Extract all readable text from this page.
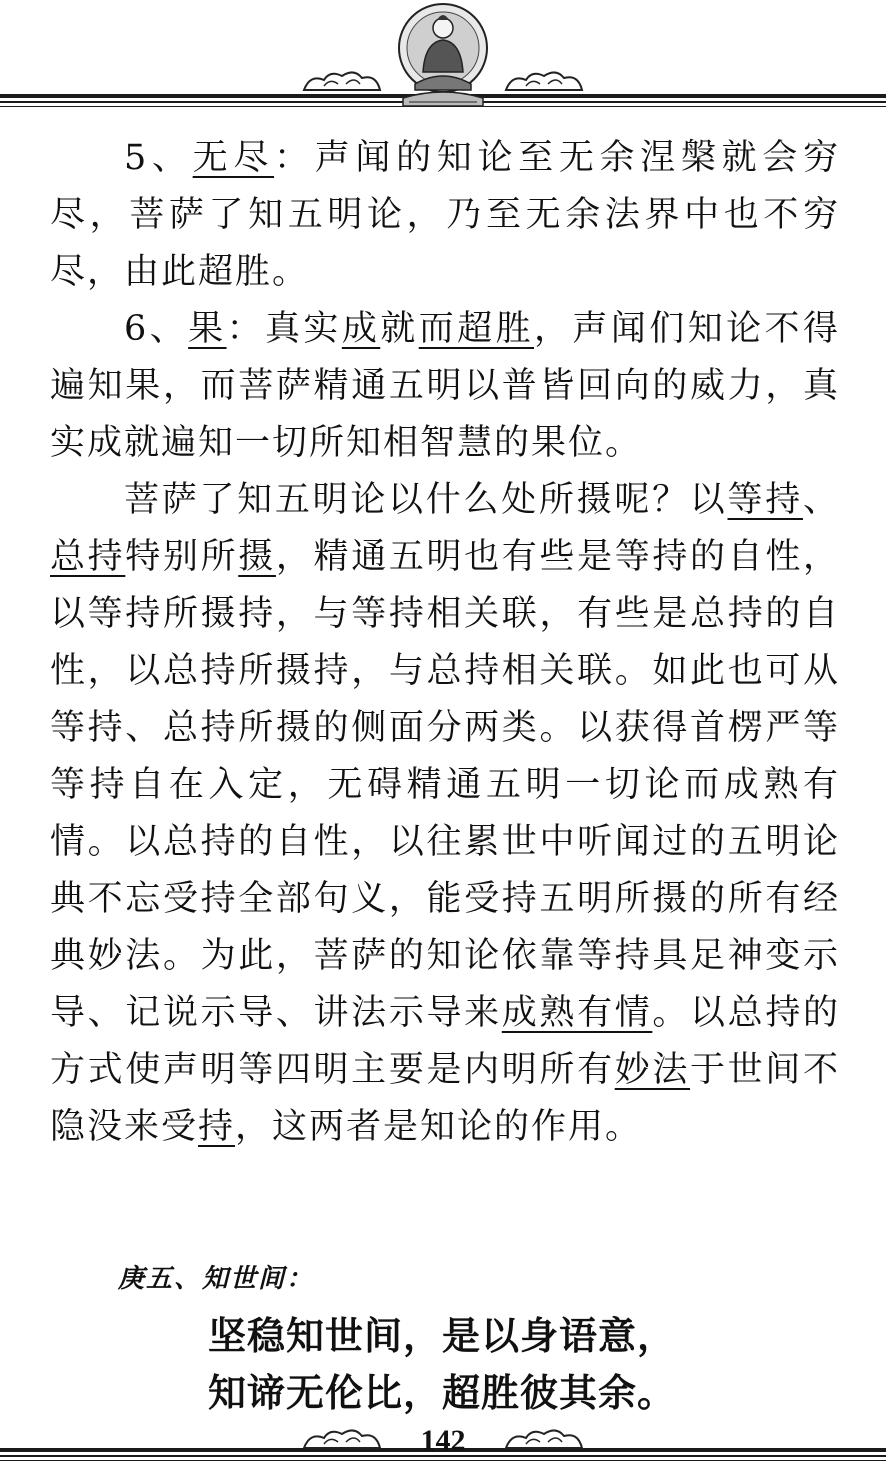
5、无尽：声闻的知论至无余涅槃就会穷尽，菩萨了知五明论，乃至无余法界中也不穷尽，由此超胜。

6、果：真实成就而超胜，声闻们知论不得遍知果，而菩萨精通五明以普皆回向的威力，真实成就遍知一切所知相智慧的果位。

菩萨了知五明论以什么处所摄呢？以等持、总持特别所摄，精通五明也有些是等持的自性，以等持所摄持，与等持相关联，有些是总持的自性，以总持所摄持，与总持相关联。如此也可从等持、总持所摄的侧面分两类。以获得首楞严等等持自在入定，无碍精通五明一切论而成熟有情。以总持的自性，以往累世中听闻过的五明论典不忘受持全部句义，能受持五明所摄的所有经典妙法。为此，菩萨的知论依靠等持具足神变示导、记说示导、讲法示导来成熟有情。以总持的方式使声明等四明主要是内明所有妙法于世间不隐没来受持，这两者是知论的作用。

庚五、知世间：
坚稳知世间，是以身语意，
知谛无伦比，超胜彼其余。
142
